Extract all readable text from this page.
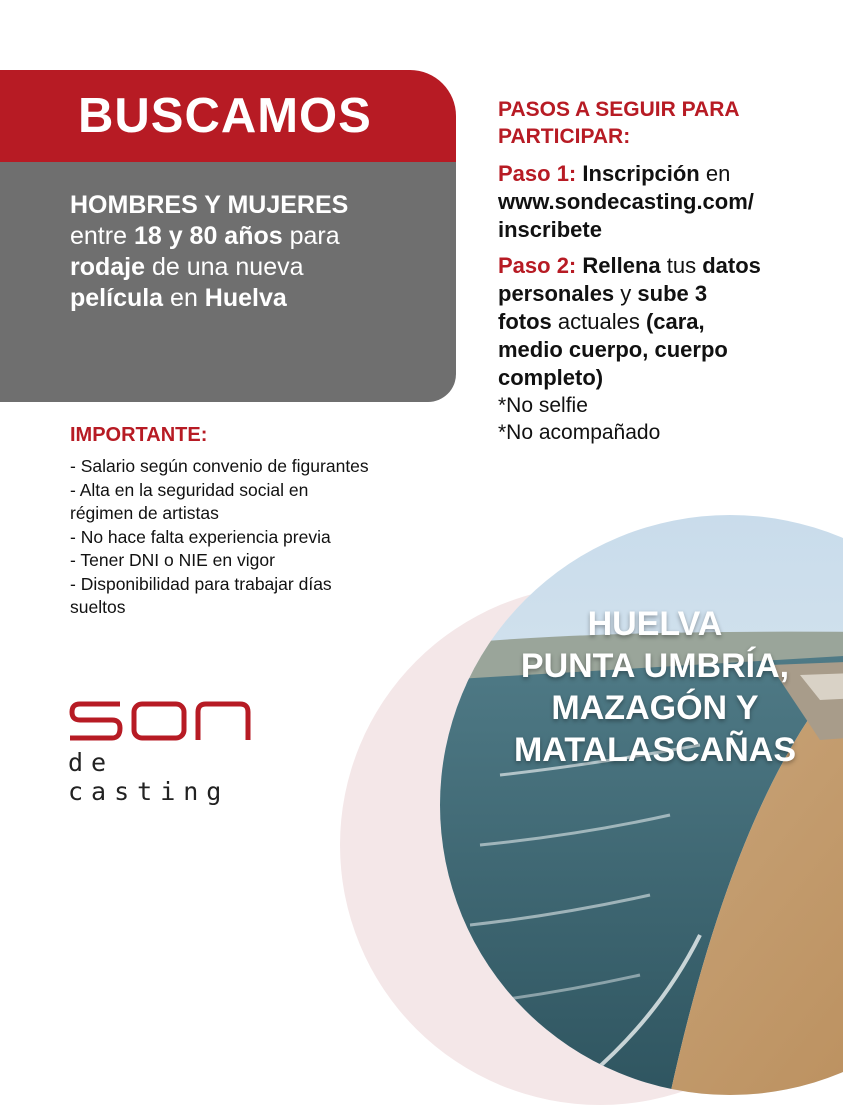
BUSCAMOS
HOMBRES Y MUJERES
entre 18 y 80 años para
rodaje de una nueva
película en Huelva
PASOS A SEGUIR PARA
PARTICIPAR:
Paso 1: Inscripción en
www.sondecasting.com/
inscribete
Paso 2: Rellena tus datos
personales y sube 3
fotos actuales (cara,
medio cuerpo, cuerpo
completo)
*No selfie
*No acompañado
IMPORTANTE:
- Salario según convenio de figurantes
- Alta en la seguridad social en
régimen de artistas
- No hace falta experiencia previa
- Tener DNI o NIE en vigor
- Disponibilidad para trabajar días
sueltos
de casting
HUELVA
PUNTA UMBRÍA,
MAZAGÓN Y
MATALASCAÑAS
